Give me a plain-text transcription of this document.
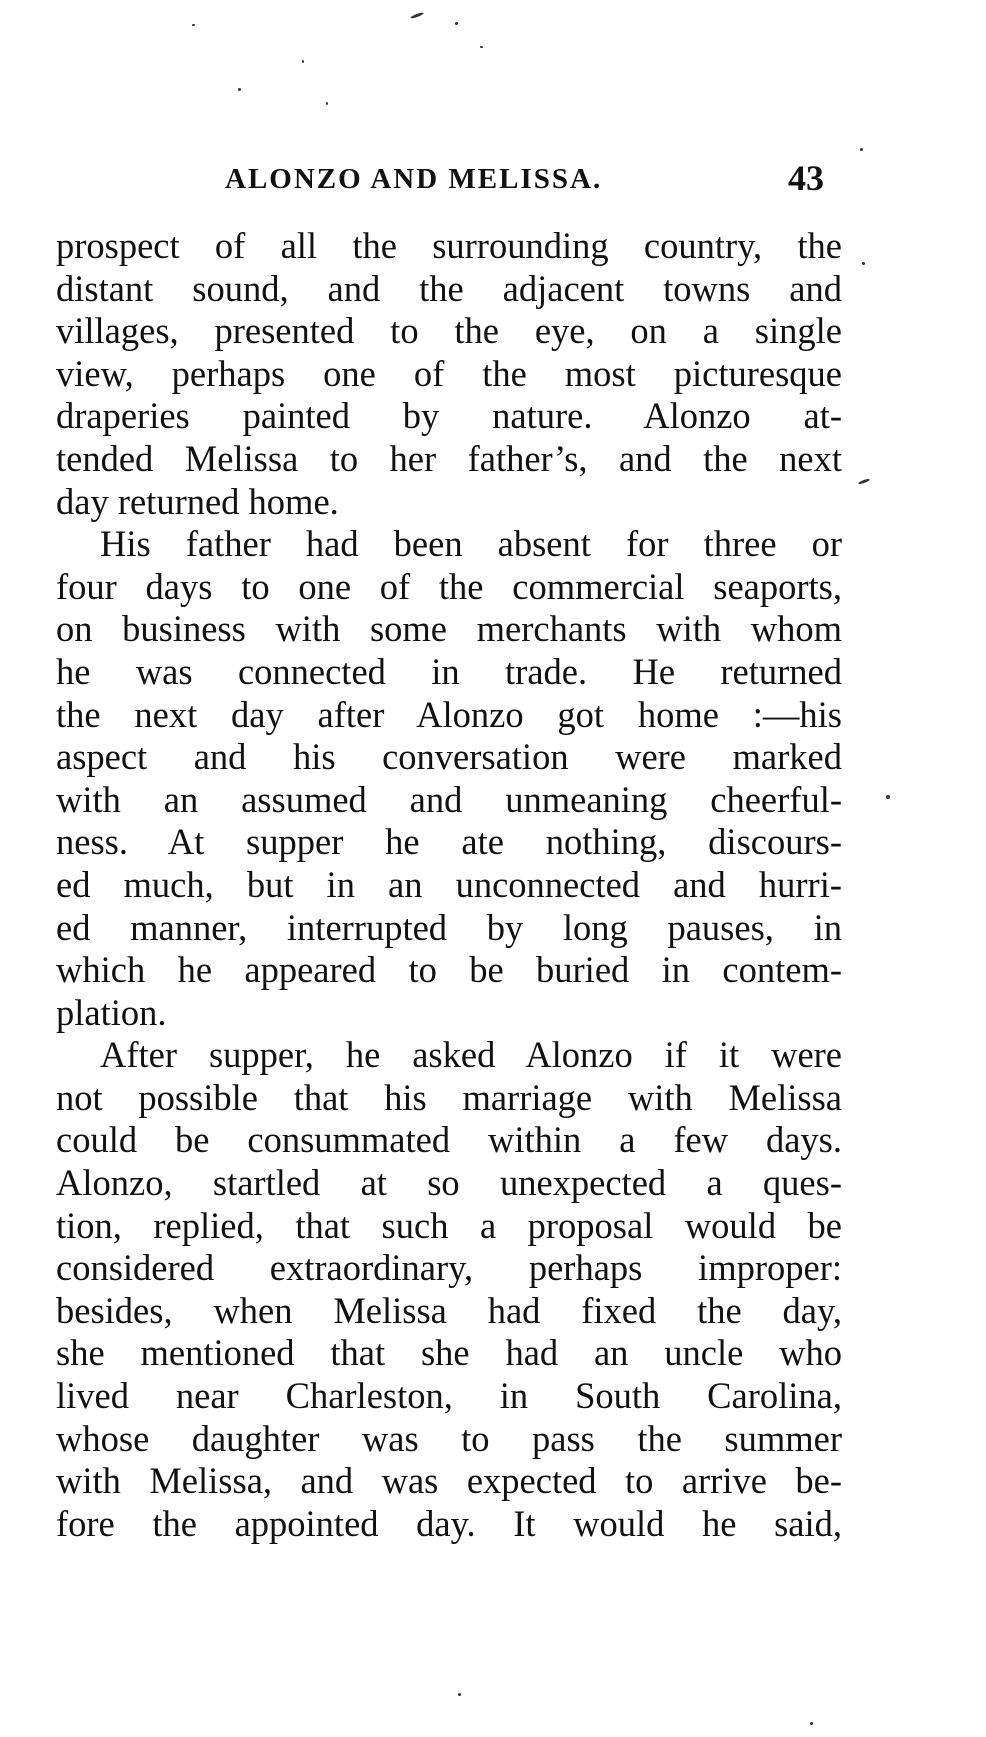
ALONZO AND MELISSA.	43
prospect of all the surrounding country, the
distant sound, and the adjacent towns and
villages, presented to the eye, on a single
view, perhaps one of the most picturesque
draperies painted by nature. Alonzo at-
tended Melissa to her father’s, and the next
day returned home.
His father had been absent for three or
four days to one of the commercial seaports,
on business with some merchants with whom
he was connected in trade. He returned
the next day after Alonzo got home :—his
aspect and his conversation were marked
with an assumed and unmeaning cheerful-
ness. At supper he ate nothing, discours-
ed much, but in an unconnected and hurri-
ed manner, interrupted by long pauses, in
which he appeared to be buried in contem-
plation.
After supper, he asked Alonzo if it were
not possible that his marriage with Melissa
could be consummated within a few days.
Alonzo, startled at so unexpected a ques-
tion, replied, that such a proposal would be
considered extraordinary, perhaps improper:
besides, when Melissa had fixed the day,
she mentioned that she had an uncle who
lived near Charleston, in South Carolina,
whose daughter was to pass the summer
with Melissa, and was expected to arrive be-
fore the appointed day. It would he said,
